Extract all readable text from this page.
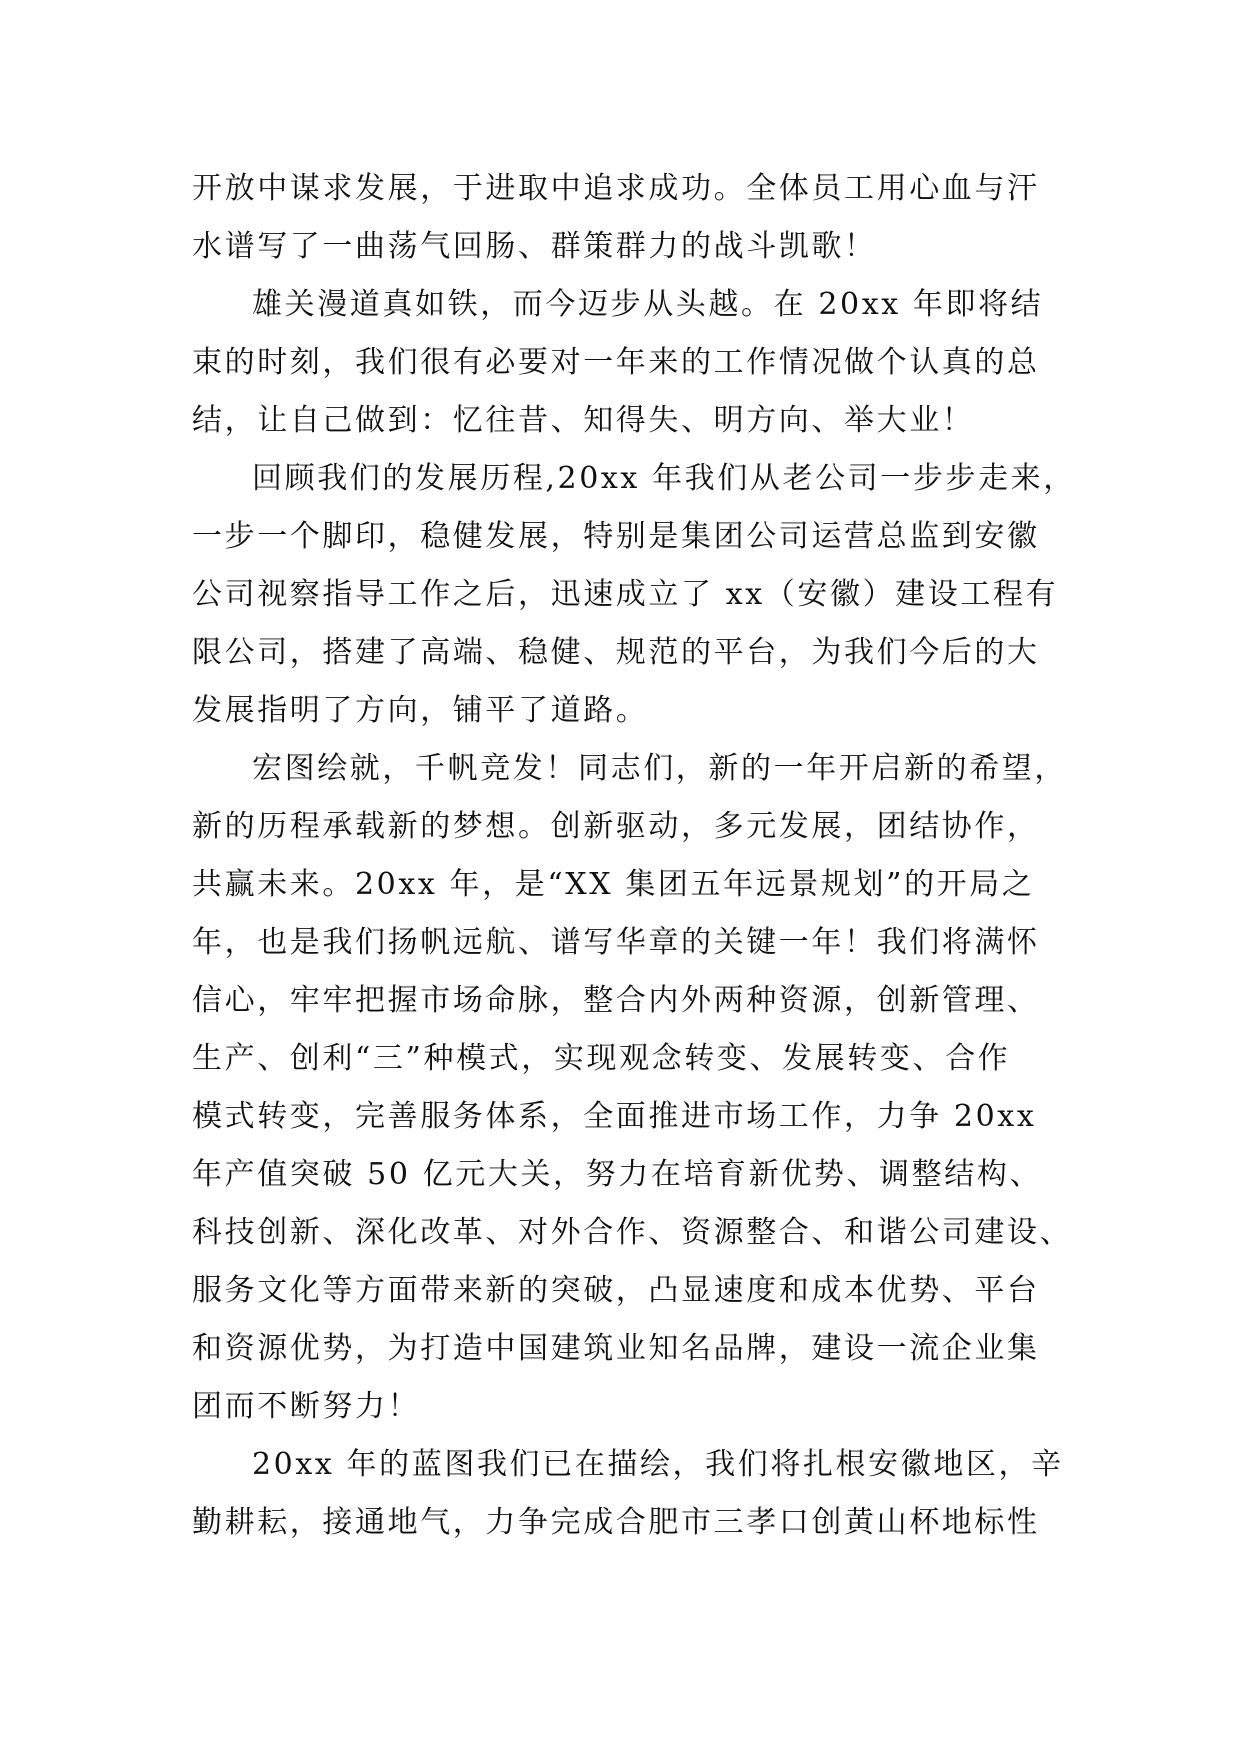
开放中谋求发展，于进取中追求成功。全体员工用心血与汗
水谱写了一曲荡气回肠、群策群力的战斗凯歌！
雄关漫道真如铁，而今迈步从头越。在 20xx 年即将结
束的时刻，我们很有必要对一年来的工作情况做个认真的总
结，让自己做到：忆往昔、知得失、明方向、举大业！
回顾我们的发展历程,20xx 年我们从老公司一步步走来，
一步一个脚印，稳健发展，特别是集团公司运营总监到安徽
公司视察指导工作之后，迅速成立了 xx（安徽）建设工程有
限公司，搭建了高端、稳健、规范的平台，为我们今后的大
发展指明了方向，铺平了道路。
宏图绘就，千帆竞发！同志们，新的一年开启新的希望，
新的历程承载新的梦想。创新驱动，多元发展，团结协作，
共赢未来。20xx 年，是“XX 集团五年远景规划”的开局之
年，也是我们扬帆远航、谱写华章的关键一年！我们将满怀
信心，牢牢把握市场命脉，整合内外两种资源，创新管理、
生产、创利“三”种模式，实现观念转变、发展转变、合作
模式转变，完善服务体系，全面推进市场工作，力争 20xx
年产值突破 50 亿元大关，努力在培育新优势、调整结构、
科技创新、深化改革、对外合作、资源整合、和谐公司建设、
服务文化等方面带来新的突破，凸显速度和成本优势、平台
和资源优势，为打造中国建筑业知名品牌，建设一流企业集
团而不断努力！
20xx 年的蓝图我们已在描绘，我们将扎根安徽地区，辛
勤耕耘，接通地气，力争完成合肥市三孝口创黄山杯地标性
